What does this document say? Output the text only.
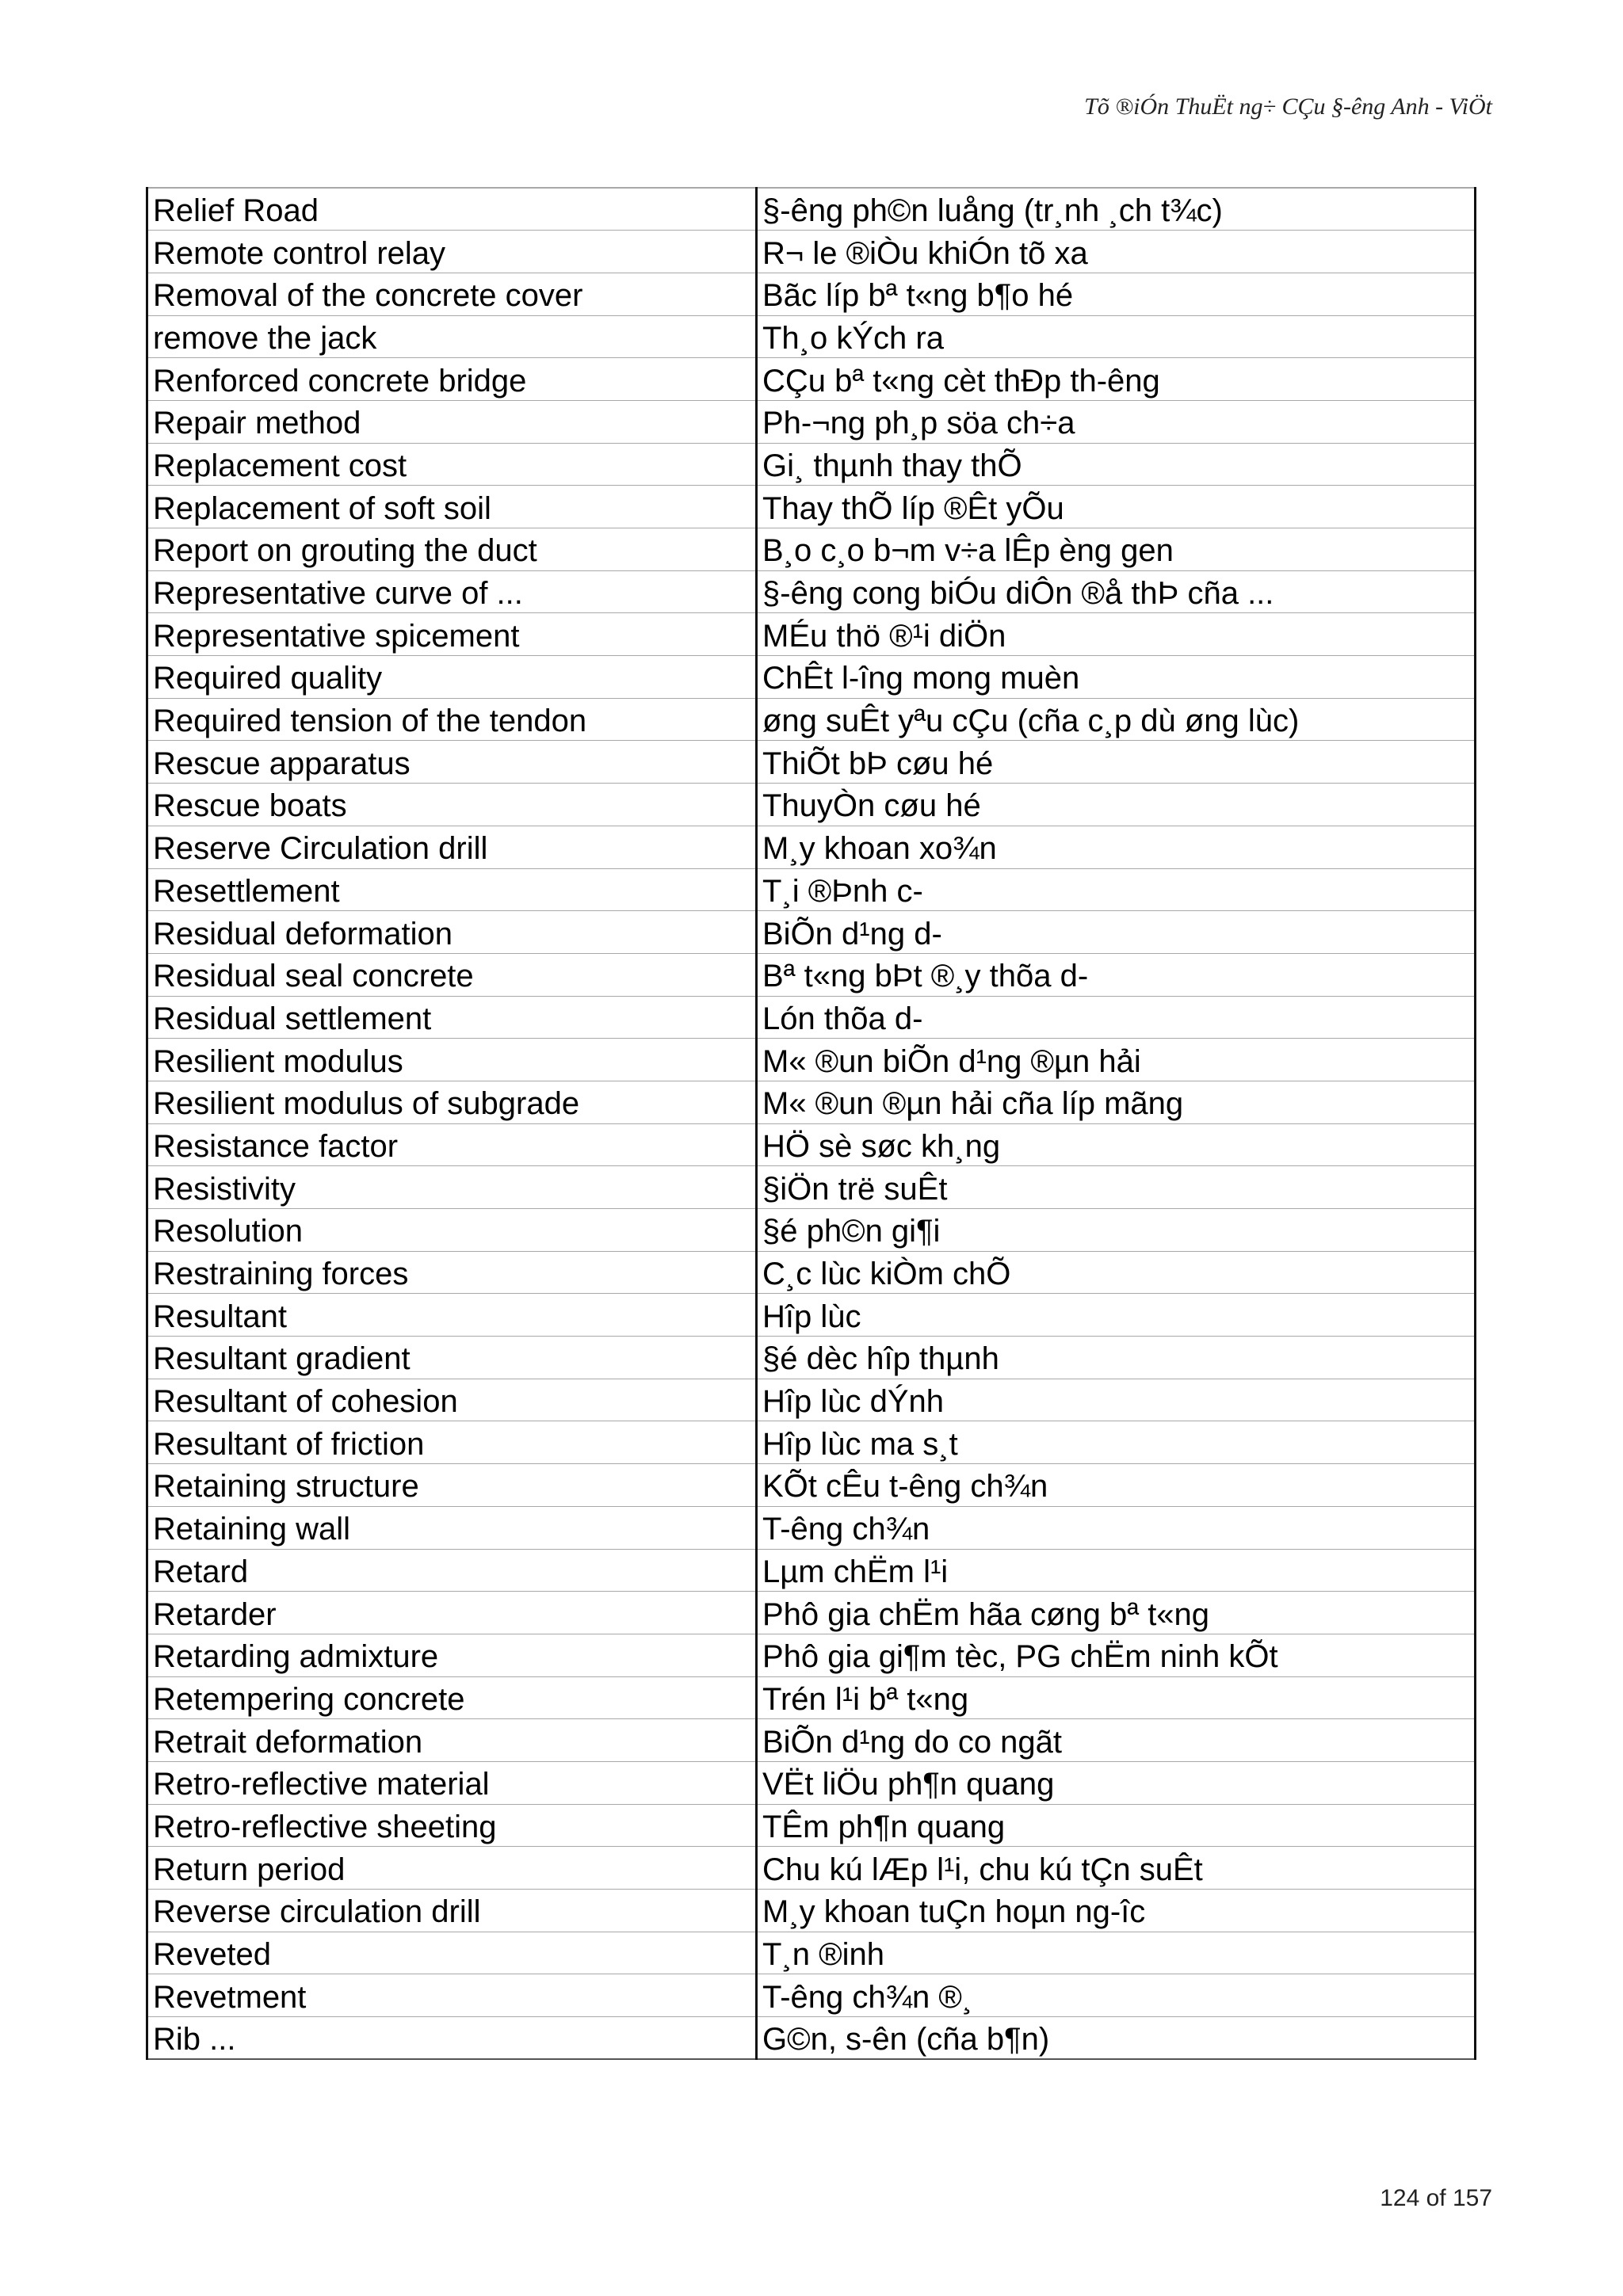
Tõ ®iÓn ThuËt ng÷ CÇu §-êng Anh - ViÖt
Relief Road	§-êng ph©n luång (tr¸nh ¸ch t¾c)
Remote control relay	R¬ le ®iÒu khiÓn tõ xa
Removal of the concrete cover	Bãc líp bª t«ng b¶o hé
remove the jack	Th¸o kÝch ra
Renforced concrete bridge	CÇu bª t«ng cèt thÐp th-êng
Repair method	Ph-¬ng ph¸p söa ch÷a
Replacement cost	Gi¸ thµnh thay thÕ
Replacement of soft soil	Thay thÕ líp ®Êt yÕu
Report on grouting the duct	B¸o c¸o b¬m v÷a lÊp èng gen
Representative curve of ...	§-êng cong biÓu diÔn ®å thÞ cña ...
Representative spicement	MÉu thö ®¹i diÖn
Required quality	ChÊt l-îng mong muèn
Required tension of the tendon	øng suÊt yªu cÇu (cña c¸p dù øng lùc)
Rescue apparatus	ThiÕt bÞ cøu hé
Rescue boats	ThuyÒn cøu hé
Reserve Circulation drill	M¸y khoan xo¾n
Resettlement	T¸i ®Þnh c-
Residual deformation	BiÕn d¹ng d-
Residual seal concrete	Bª t«ng bÞt ®¸y thõa d-
Residual settlement	Lón thõa d-
Resilient modulus	M« ®un biÕn d¹ng ®µn hải
Resilient modulus of subgrade	M« ®un ®µn hải cña líp mãng
Resistance factor	HÖ sè søc kh¸ng
Resistivity	§iÖn trë suÊt
Resolution	§é ph©n gi¶i
Restraining forces	C¸c lùc kiÒm chÕ
Resultant	Hîp lùc
Resultant gradient	§é dèc hîp thµnh
Resultant of cohesion	Hîp lùc dÝnh
Resultant of friction	Hîp lùc ma s¸t
Retaining structure	KÕt cÊu t-êng ch¾n
Retaining wall	T-êng ch¾n
Retard	Lµm chËm l¹i
Retarder	Phô gia chËm hãa cøng bª t«ng
Retarding admixture	Phô gia gi¶m tèc, PG chËm ninh kÕt
Retempering concrete	Trén l¹i bª t«ng
Retrait deformation	BiÕn d¹ng do co ngãt
Retro-reflective material	VËt liÖu ph¶n quang
Retro-reflective sheeting	TÊm ph¶n quang
Return period	Chu kú lÆp l¹i, chu kú tÇn suÊt
Reverse circulation drill	M¸y khoan tuÇn hoµn ng-îc
Reveted	T¸n ®inh
Revetment	T-êng ch¾n ®¸
Rib ...	G©n, s-ên (cña b¶n)
124 of 157
